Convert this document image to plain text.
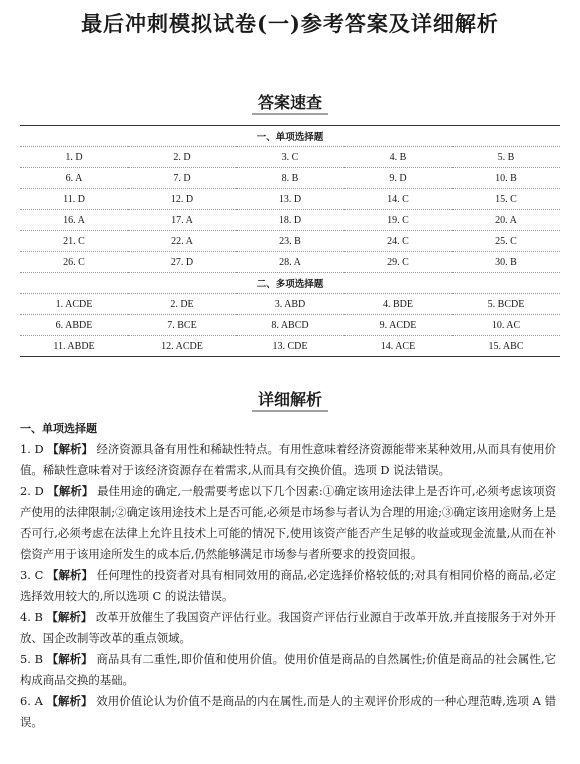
最后冲刺模拟试卷(一)参考答案及详细解析
答案速查
一、单项选择题				
1. D	2. D	3. C	4. B	5. B
6. A	7. D	8. B	9. D	10. B
11. D	12. D	13. D	14. C	15. C
16. A	17. A	18. D	19. C	20. A
21. C	22. A	23. B	24. C	25. C
26. C	27. D	28. A	29. C	30. B
二、多项选择题				
1. ACDE	2. DE	3. ABD	4. BDE	5. BCDE
6. ABDE	7. BCE	8. ABCD	9. ACDE	10. AC
11. ABDE	12. ACDE	13. CDE	14. ACE	15. ABC
详细解析
一、单项选择题
1. D 【解析】 经济资源具备有用性和稀缺性特点。有用性意味着经济资源能带来某种效用,从而具有使用价值。稀缺性意味着对于该经济资源存在着需求,从而具有交换价值。选项 D 说法错误。
2. D 【解析】 最佳用途的确定,一般需要考虑以下几个因素:①确定该用途法律上是否许可,必须考虑该项资产使用的法律限制;②确定该用途技术上是否可能,必须是市场参与者认为合理的用途;③确定该用途财务上是否可行,必须考虑在法律上允许且技术上可能的情况下,使用该资产能否产生足够的收益或现金流量,从而在补偿资产用于该用途所发生的成本后,仍然能够满足市场参与者所要求的投资回报。
3. C 【解析】 任何理性的投资者对具有相同效用的商品,必定选择价格较低的;对具有相同价格的商品,必定选择效用较大的,所以选项 C 的说法错误。
4. B 【解析】 改革开放催生了我国资产评估行业。我国资产评估行业源自于改革开放,并直接服务于对外开放、国企改制等改革的重点领域。
5. B 【解析】 商品具有二重性,即价值和使用价值。使用价值是商品的自然属性;价值是商品的社会属性,它构成商品交换的基础。
6. A 【解析】 效用价值论认为价值不是商品的内在属性,而是人的主观评价形成的一种心理范畴,选项 A 错误。
